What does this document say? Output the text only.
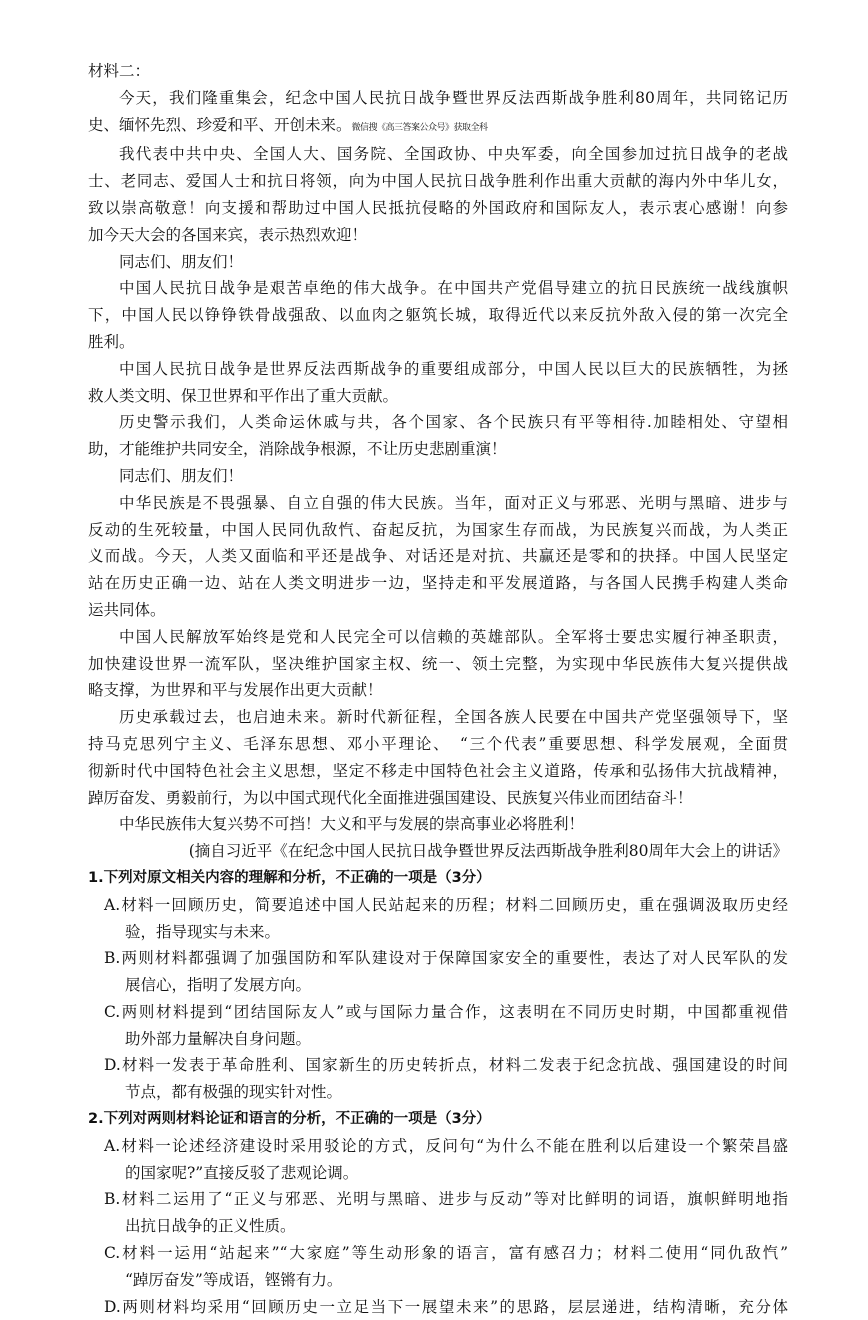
材料二：

今天，我们隆重集会，纪念中国人民抗日战争暨世界反法西斯战争胜利80周年，共同铭记历

史、缅怀先烈、珍爱和平、开创未来。微信搜《高三答案公众号》获取全科

我代表中共中央、全国人大、国务院、全国政协、中央军委，向全国参加过抗日战争的老战

士、老同志、爱国人士和抗日将领，向为中国人民抗日战争胜利作出重大贡献的海内外中华儿女，

致以崇高敬意！向支援和帮助过中国人民抵抗侵略的外国政府和国际友人，表示衷心感谢！向参

加今天大会的各国来宾，表示热烈欢迎！

同志们、朋友们！

中国人民抗日战争是艰苦卓绝的伟大战争。在中国共产党倡导建立的抗日民族统一战线旗帜

下，中国人民以铮铮铁骨战强敌、以血肉之躯筑长城，取得近代以来反抗外敌入侵的第一次完全

胜利。

中国人民抗日战争是世界反法西斯战争的重要组成部分，中国人民以巨大的民族牺牲，为拯

救人类文明、保卫世界和平作出了重大贡献。

历史警示我们，人类命运休戚与共，各个国家、各个民族只有平等相待.加睦相处、守望相

助，才能维护共同安全，消除战争根源，不让历史悲剧重演！

同志们、朋友们！

中华民族是不畏强暴、自立自强的伟大民族。当年，面对正义与邪恶、光明与黑暗、进步与

反动的生死较量，中国人民同仇敌忾、奋起反抗，为国家生存而战，为民族复兴而战，为人类正

义而战。今天，人类又面临和平还是战争、对话还是对抗、共赢还是零和的抉择。中国人民坚定

站在历史正确一边、站在人类文明进步一边，坚持走和平发展道路，与各国人民携手构建人类命

运共同体。

中国人民解放军始终是党和人民完全可以信赖的英雄部队。全军将士要忠实履行神圣职责，

加快建设世界一流军队，坚决维护国家主权、统一、领土完整，为实现中华民族伟大复兴提供战

略支撑，为世界和平与发展作出更大贡献！

历史承载过去，也启迪未来。新时代新征程，全国各族人民要在中国共产党坚强领导下，坚

持马克思列宁主义、毛泽东思想、邓小平理论、　“三个代表”重要思想、科学发展观，全面贯

彻新时代中国特色社会主义思想，坚定不移走中国特色社会主义道路，传承和弘扬伟大抗战精神，

踔厉奋发、勇毅前行，为以中国式现代化全面推进强国建设、民族复兴伟业而团结奋斗！

中华民族伟大复兴势不可挡！大义和平与发展的崇高事业必将胜利！

(摘自习近平《在纪念中国人民抗日战争暨世界反法西斯战争胜利80周年大会上的讲话》

1.下列对原文相关内容的理解和分析，不正确的一项是（3分）

A.材料一回顾历史，简要追述中国人民站起来的历程；材料二回顾历史，重在强调汲取历史经

验，指导现实与未来。

B.两则材料都强调了加强国防和军队建设对于保障国家安全的重要性，表达了对人民军队的发

展信心，指明了发展方向。

C.两则材料提到“团结国际友人”或与国际力量合作，这表明在不同历史时期，中国都重视借

助外部力量解决自身问题。

D.材料一发表于革命胜利、国家新生的历史转折点，材料二发表于纪念抗战、强国建设的时间

节点，都有极强的现实针对性。

2.下列对两则材料论证和语言的分析，不正确的一项是（3分）

A.材料一论述经济建设时采用驳论的方式，反问句“为什么不能在胜利以后建设一个繁荣昌盛

的国家呢?”直接反驳了悲观论调。

B.材料二运用了“正义与邪恶、光明与黑暗、进步与反动”等对比鲜明的词语，旗帜鲜明地指

出抗日战争的正义性质。

C.材料一运用“站起来”“大家庭”等生动形象的语言，富有感召力；材料二使用“同仇敌忾”

“踔厉奋发”等成语，铿锵有力。

D.两则材料均采用“回顾历史一立足当下一展望未来”的思路，层层递进，结构清晰，充分体
